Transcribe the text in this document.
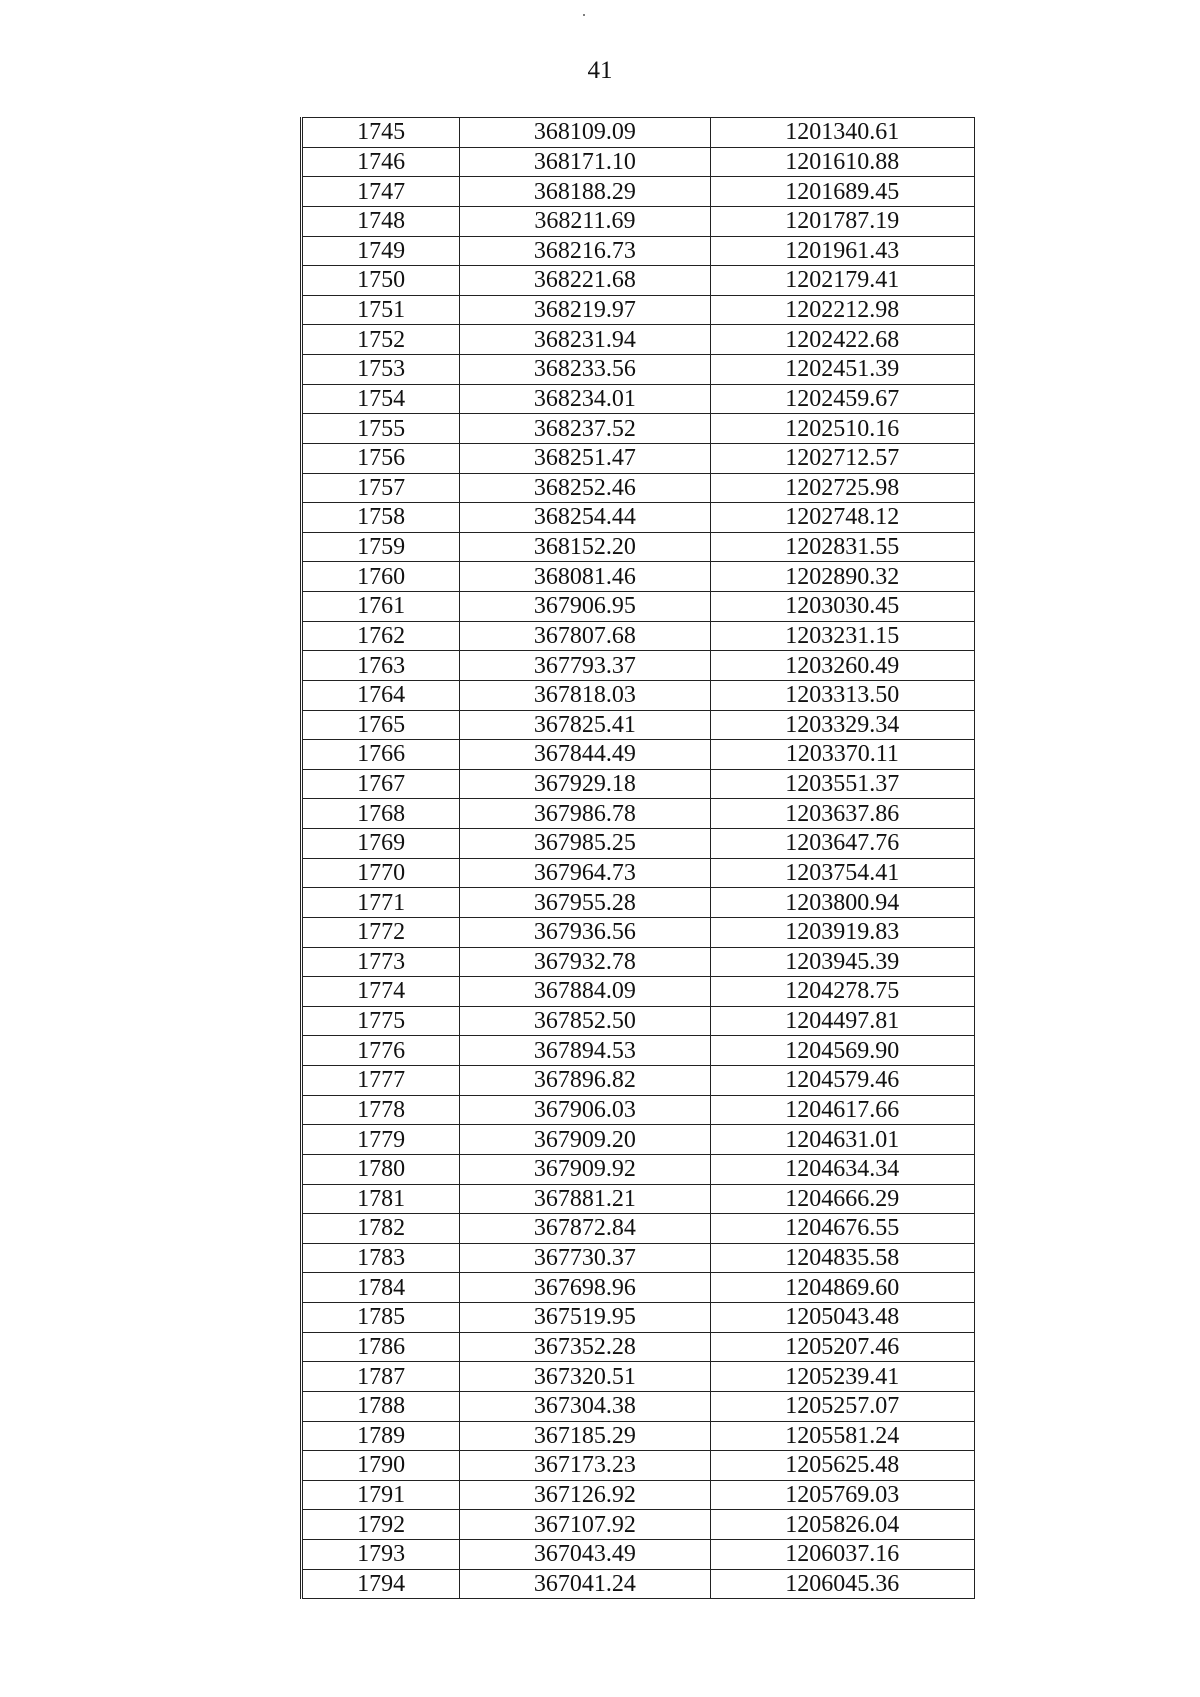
41
1745	368109.09	1201340.61
1746	368171.10	1201610.88
1747	368188.29	1201689.45
1748	368211.69	1201787.19
1749	368216.73	1201961.43
1750	368221.68	1202179.41
1751	368219.97	1202212.98
1752	368231.94	1202422.68
1753	368233.56	1202451.39
1754	368234.01	1202459.67
1755	368237.52	1202510.16
1756	368251.47	1202712.57
1757	368252.46	1202725.98
1758	368254.44	1202748.12
1759	368152.20	1202831.55
1760	368081.46	1202890.32
1761	367906.95	1203030.45
1762	367807.68	1203231.15
1763	367793.37	1203260.49
1764	367818.03	1203313.50
1765	367825.41	1203329.34
1766	367844.49	1203370.11
1767	367929.18	1203551.37
1768	367986.78	1203637.86
1769	367985.25	1203647.76
1770	367964.73	1203754.41
1771	367955.28	1203800.94
1772	367936.56	1203919.83
1773	367932.78	1203945.39
1774	367884.09	1204278.75
1775	367852.50	1204497.81
1776	367894.53	1204569.90
1777	367896.82	1204579.46
1778	367906.03	1204617.66
1779	367909.20	1204631.01
1780	367909.92	1204634.34
1781	367881.21	1204666.29
1782	367872.84	1204676.55
1783	367730.37	1204835.58
1784	367698.96	1204869.60
1785	367519.95	1205043.48
1786	367352.28	1205207.46
1787	367320.51	1205239.41
1788	367304.38	1205257.07
1789	367185.29	1205581.24
1790	367173.23	1205625.48
1791	367126.92	1205769.03
1792	367107.92	1205826.04
1793	367043.49	1206037.16
1794	367041.24	1206045.36
